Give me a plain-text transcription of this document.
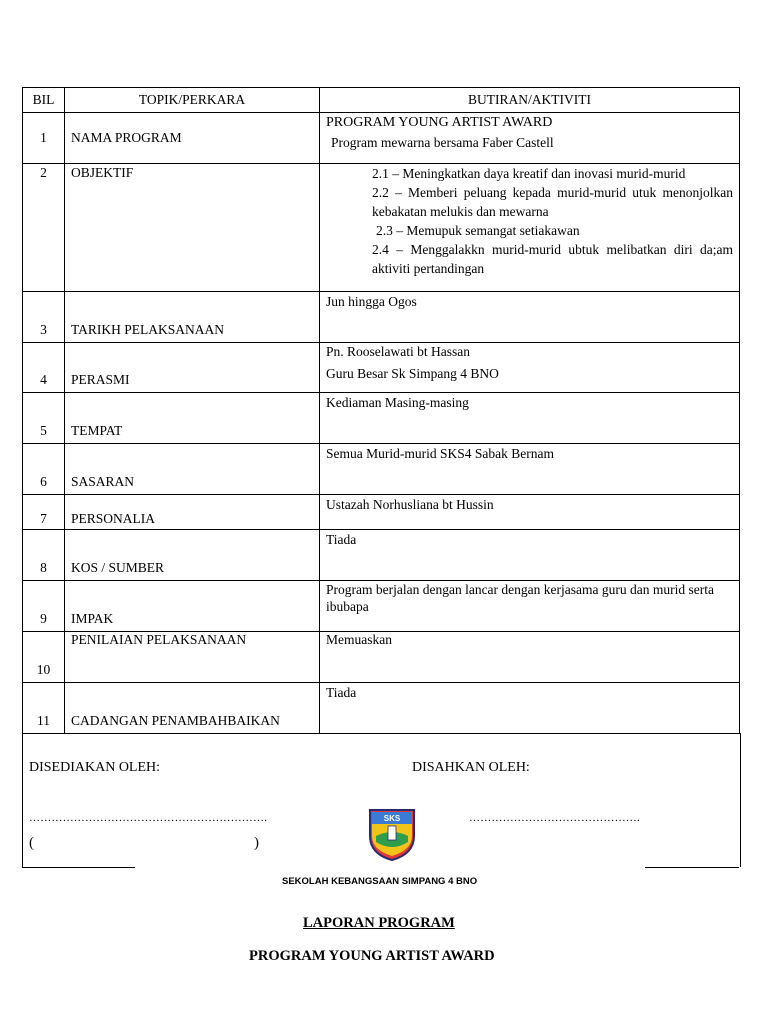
BIL	TOPIK/PERKARA	BUTIRAN/AKTIVITI
1	NAMA PROGRAM	PROGRAM YOUNG ARTIST AWARD
Program mewarna bersama Faber Castell

2	OBJEKTIF	2.1 – Meningkatkan daya kreatif dan inovasi murid-murid
2.2 – Memberi peluang kepada murid-murid utuk menonjolkan kebakatan melukis dan mewarna
2.3 – Memupuk semangat setiakawan
2.4 – Menggalakkn murid-murid ubtuk melibatkan diri da;am aktiviti pertandingan

3	TARIKH PELAKSANAAN	Jun hingga Ogos
4	PERASMI	Pn. Rooselawati bt Hassan
Guru Besar Sk Simpang 4 BNO

5	TEMPAT	Kediaman Masing-masing
6	SASARAN	Semua Murid-murid SKS4 Sabak Bernam
7	PERSONALIA	Ustazah Norhusliana bt Hussin
8	KOS / SUMBER	Tiada
9	IMPAK	Program berjalan dengan lancar dengan kerjasama guru dan murid serta ibubapa
10	PENILAIAN PELAKSANAAN	Memuaskan
11	CADANGAN PENAMBAHBAIKAN	Tiada
DISEDIAKAN OLEH:	DISAHKAN OLEH:
……………………………………………………….	……………………………………….
(	)
SKS
SEKOLAH KEBANGSAAN SIMPANG 4 BNO
LAPORAN PROGRAM
PROGRAM YOUNG ARTIST AWARD
